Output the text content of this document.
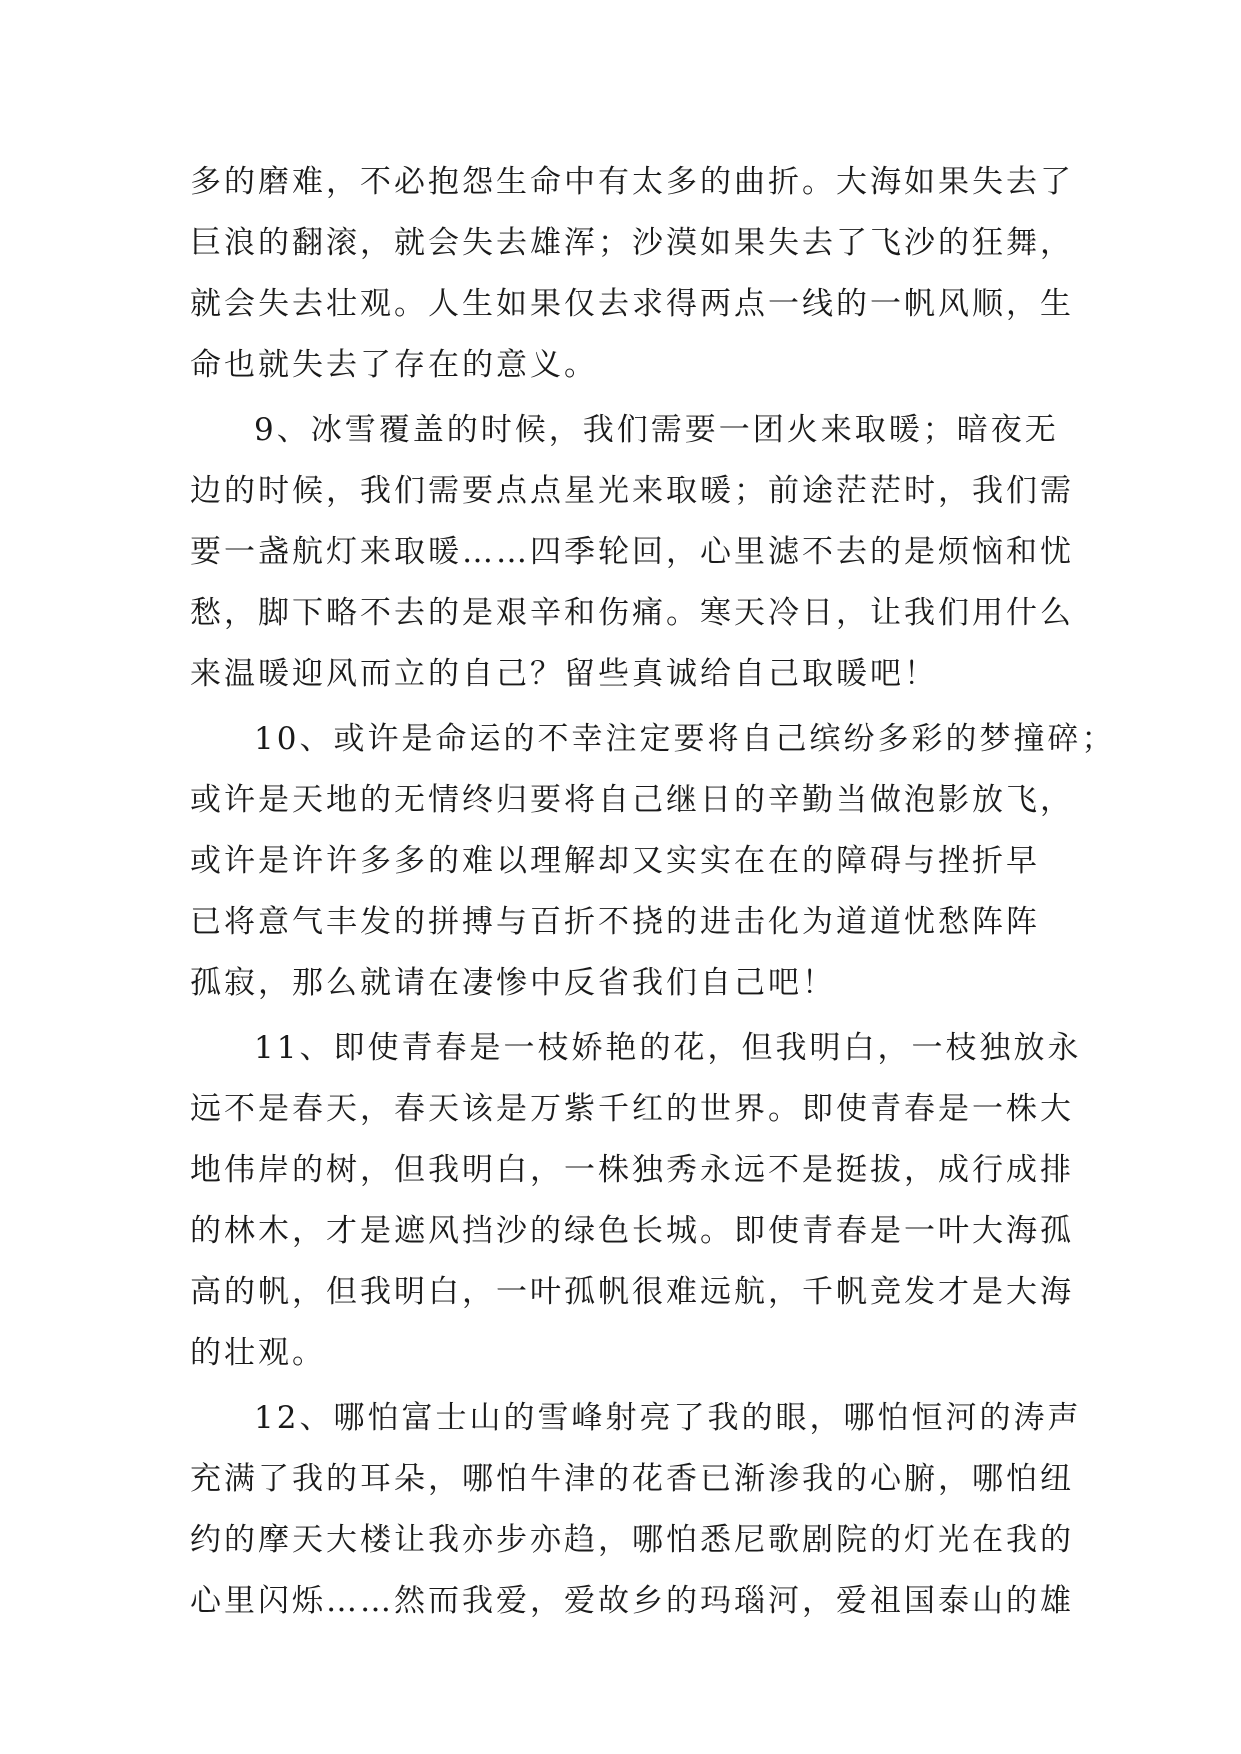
多的磨难，不必抱怨生命中有太多的曲折。大海如果失去了
巨浪的翻滚，就会失去雄浑；沙漠如果失去了飞沙的狂舞，
就会失去壮观。人生如果仅去求得两点一线的一帆风顺，生
命也就失去了存在的意义。
9、冰雪覆盖的时候，我们需要一团火来取暖；暗夜无
边的时候，我们需要点点星光来取暖；前途茫茫时，我们需
要一盏航灯来取暖……四季轮回，心里滤不去的是烦恼和忧
愁，脚下略不去的是艰辛和伤痛。寒天冷日，让我们用什么
来温暖迎风而立的自己？留些真诚给自己取暖吧！
10、或许是命运的不幸注定要将自己缤纷多彩的梦撞碎；
或许是天地的无情终归要将自己继日的辛勤当做泡影放飞，
或许是许许多多的难以理解却又实实在在的障碍与挫折早
已将意气丰发的拼搏与百折不挠的进击化为道道忧愁阵阵
孤寂，那么就请在凄惨中反省我们自己吧！
11、即使青春是一枝娇艳的花，但我明白，一枝独放永
远不是春天，春天该是万紫千红的世界。即使青春是一株大
地伟岸的树，但我明白，一株独秀永远不是挺拔，成行成排
的林木，才是遮风挡沙的绿色长城。即使青春是一叶大海孤
高的帆，但我明白，一叶孤帆很难远航，千帆竞发才是大海
的壮观。
12、哪怕富士山的雪峰射亮了我的眼，哪怕恒河的涛声
充满了我的耳朵，哪怕牛津的花香已渐渗我的心腑，哪怕纽
约的摩天大楼让我亦步亦趋，哪怕悉尼歌剧院的灯光在我的
心里闪烁……然而我爱，爱故乡的玛瑙河，爱祖国泰山的雄
